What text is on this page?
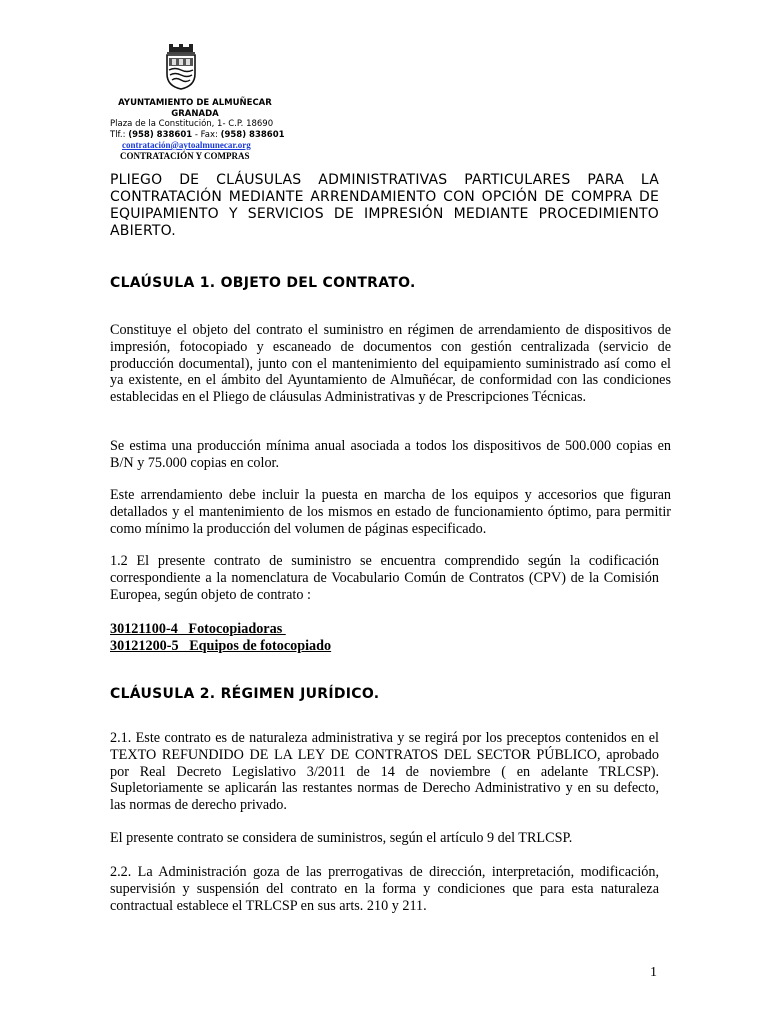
AYUNTAMIENTO DE ALMUÑECAR
GRANADA
Plaza de la Constitución, 1- C.P. 18690
Tlf.: (958) 838601 - Fax: (958) 838601
contratación@aytoalmunecar.org
CONTRATACIÓN Y COMPRAS
PLIEGO DE CLÁUSULAS ADMINISTRATIVAS PARTICULARES PARA LA CONTRATACIÓN MEDIANTE ARRENDAMIENTO CON OPCIÓN DE COMPRA DE EQUIPAMIENTO Y SERVICIOS DE IMPRESIÓN MEDIANTE PROCEDIMIENTO ABIERTO.
CLAÚSULA 1. OBJETO DEL CONTRATO.
Constituye el objeto del contrato el suministro en régimen de arrendamiento de dispositivos de impresión, fotocopiado y escaneado de documentos con gestión centralizada (servicio de producción documental), junto con el mantenimiento del equipamiento suministrado así como el ya existente, en el ámbito del Ayuntamiento de Almuñécar, de conformidad con las condiciones establecidas en el Pliego de cláusulas Administrativas y de Prescripciones Técnicas.
Se estima una producción mínima anual asociada a todos los dispositivos de 500.000 copias en B/N y 75.000 copias en color.
Este arrendamiento debe incluir la puesta en marcha de los equipos y accesorios que figuran detallados y el mantenimiento de los mismos en estado de funcionamiento óptimo, para permitir como mínimo la producción del volumen de páginas especificado.
1.2 El presente contrato de suministro se encuentra comprendido según la codificación correspondiente a la nomenclatura de Vocabulario Común de Contratos (CPV) de la Comisión Europea, según objeto de contrato :
30121100-4   Fotocopiadoras
30121200-5   Equipos de fotocopiado
CLÁUSULA 2. RÉGIMEN JURÍDICO.
2.1. Este contrato es de naturaleza administrativa y se regirá por los preceptos contenidos en el TEXTO REFUNDIDO DE LA LEY DE CONTRATOS DEL SECTOR PÚBLICO, aprobado por Real Decreto Legislativo 3/2011 de 14 de noviembre ( en adelante TRLCSP). Supletoriamente se aplicarán las restantes normas de Derecho Administrativo y en su defecto, las normas de derecho privado.
El presente contrato se considera de suministros, según el artículo 9 del TRLCSP.
2.2. La Administración goza de las prerrogativas de dirección, interpretación, modificación, supervisión y suspensión del contrato en la forma y condiciones que para esta naturaleza contractual establece el TRLCSP en sus arts. 210 y 211.
1
